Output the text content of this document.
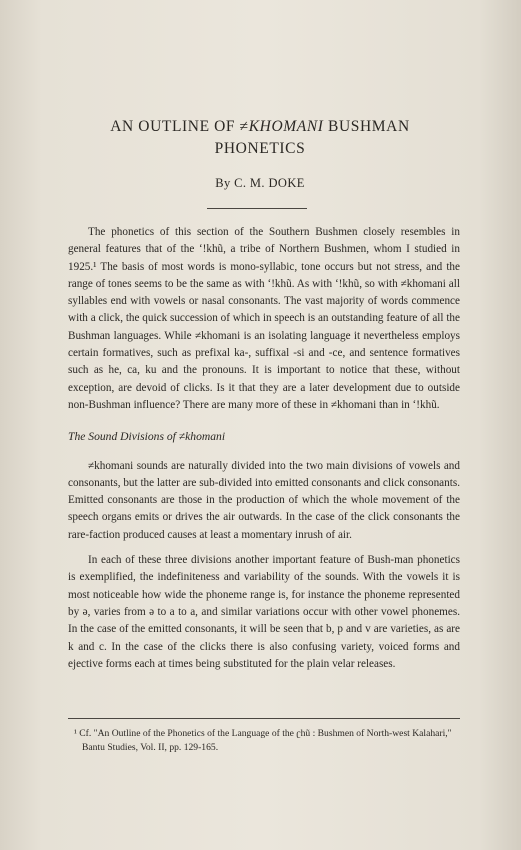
AN OUTLINE OF ≠KHOMANI BUSHMAN
PHONETICS
By C. M. DOKE

The phonetics of this section of the Southern Bushmen closely resembles in general features that of the ‘!khũ, a tribe of Northern Bushmen, whom I studied in 1925.¹ The basis of most words is mono-syllabic, tone occurs but not stress, and the range of tones seems to be the same as with ‘!khũ. As with ‘!khũ, so with ≠khomani all syllables end with vowels or nasal consonants. The vast majority of words commence with a click, the quick succession of which in speech is an outstanding feature of all the Bushman languages. While ≠khomani is an isolating language it nevertheless employs certain formatives, such as prefixal ka-, suffixal -si and -ce, and sentence formatives such as he, ca, ku and the pronouns. It is important to notice that these, without exception, are devoid of clicks. Is it that they are a later development due to outside non-Bushman influence? There are many more of these in ≠khomani than in ‘!khũ.

The Sound Divisions of ≠khomani

≠khomani sounds are naturally divided into the two main divisions of vowels and consonants, but the latter are sub-divided into emitted consonants and click consonants. Emitted consonants are those in the production of which the whole movement of the speech organs emits or drives the air outwards. In the case of the click consonants the rare-faction produced causes at least a momentary inrush of air.

In each of these three divisions another important feature of Bush-man phonetics is exemplified, the indefiniteness and variability of the sounds. With the vowels it is most noticeable how wide the phoneme range is, for instance the phoneme represented by ə, varies from ə to a to a, and similar variations occur with other vowel phonemes. In the case of the emitted consonants, it will be seen that b, p and v are varieties, as are k and c. In the case of the clicks there is also confusing variety, voiced forms and ejective forms each at times being substituted for the plain velar releases.

¹ Cf. "An Outline of the Phonetics of the Language of the ʗhũ : Bushmen of North-west Kalahari," Bantu Studies, Vol. II, pp. 129-165.
